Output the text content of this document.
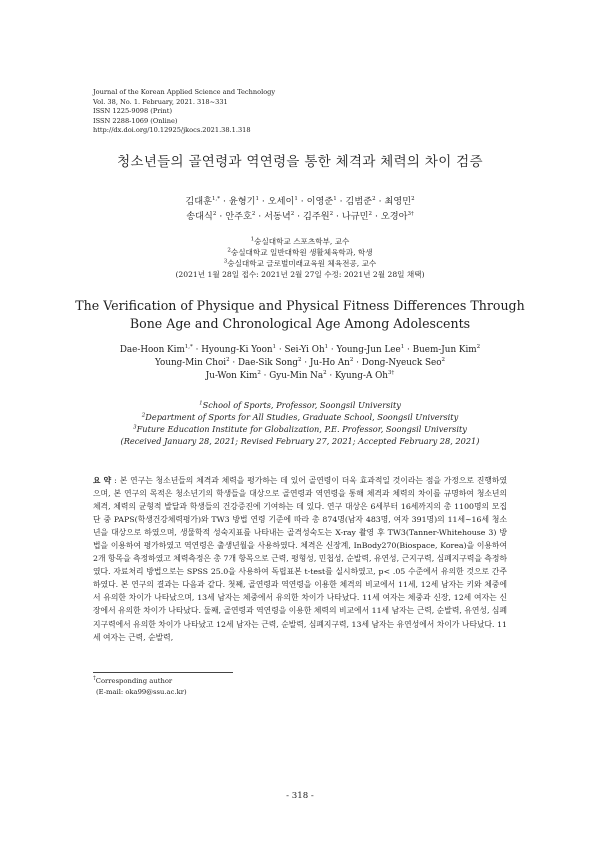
Journal of the Korean Applied Science and Technology
Vol. 38, No. 1. February, 2021. 318~331
ISSN 1225-9098 (Print)
ISSN 2288-1069 (Online)
http://dx.doi.org/10.12925/jkocs.2021.38.1.318
청소년들의 골연령과 역연령을 통한 체격과 체력의 차이 검증
김대훈$^{1,*}$ · 윤형기$^1$ · 오세이$^1$ · 이영준$^1$ · 김범준$^2$ · 최영민$^2$
송대식$^2$ · 안주호$^2$ · 서동녁$^2$ · 김주원$^2$ · 나규민$^2$ · 오경아$^{3\dagger}$
$^1$숭실대학교 스포츠학부, 교수
$^2$숭실대학교 일반대학원 생활체육학과, 학생
$^3$숭실대학교 글로벌미래교육원 체육전공, 교수
(2021년 1월 28일 접수: 2021년 2월 27일 수정: 2021년 2월 28일 채택)
The Verification of Physique and Physical Fitness Differences Through
Bone Age and Chronological Age Among Adolescents
Dae-Hoon Kim$^{1,*}$ · Hyoung-Ki Yoon$^1$ · Sei-Yi $Oh^1$ · Young-Jun Lee$^1$ · Buem-Jun Kim$^2$
Young-Min Choi$^2$ · Dae-Sik Song$^2$ · Ju-Ho $An^2$ · Dong-Nyeuck Seo$^2$
Ju-Won Kim$^2$ · Gyu-Min $Na^2$ · Kyung-A $Oh^{3\dagger}$
$^1$School of Sports, Professor, Soongsil University
$^2$Department of Sports for All Studies, Graduate School, Soongsil University
$^3$Future Education Institute for Globalization, P.E. Professor, Soongsil University
(Received January 28, 2021; Revised February 27, 2021; Accepted February 28, 2021)
요 약 : 본 연구는 청소년들의 체격과 체력을 평가하는 데 있어 골연령이 더욱 효과적일 것이라는 점을 가정으로 진행하였으며, 본 연구의 목적은 청소년기의 학생들을 대상으로 골연령과 역연령을 통해 체격과 체력의 차이를 규명하여 청소년의 체격, 체력의 균형적 발달과 학생들의 건강증진에 기여하는 데 있다. 연구 대상은 6세부터 16세까지의 총 1100명의 모집단 중 PAPS(학생건강체력평가)와 TW3 방법 연령 기준에 따라 총 874명(남자 483명, 여자 391명)의 11세~16세 청소년을 대상으로 하였으며, 생물학적 성숙지표를 나타내는 골격성숙도는 X-ray 촬영 후 TW3(Tanner-Whitehouse 3) 방법을 이용하여 평가하였고 역연령은 출생년월을 사용하였다. 체격은 신장계, InBody270(Biospace, Korea)을 이용하여 2개 항목을 측정하였고 체력측정은 총 7개 항목으로 근력, 평형성, 민첩성, 순발력, 유연성, 근지구력, 심폐지구력을 측정하였다. 자료처리 방법으로는 SPSS 25.0을 사용하여 독립표본 t-test를 실시하였고, p< .05 수준에서 유의한 것으로 간주하였다. 본 연구의 결과는 다음과 같다. 첫째, 골연령과 역연령을 이용한 체격의 비교에서 11세, 12세 남자는 키와 체중에서 유의한 차이가 나타났으며, 13세 남자는 체중에서 유의한 차이가 나타났다. 11세 여자는 체중과 신장, 12세 여자는 신장에서 유의한 차이가 나타났다. 둘째, 골연령과 역연령을 이용한 체력의 비교에서 11세 남자는 근력, 순발력, 유연성, 심폐지구력에서 유의한 차이가 나타났고 12세 남자는 근력, 순발력, 심폐지구력, 13세 남자는 유연성에서 차이가 나타났다. 11세 여자는 근력, 순발력,
†Corresponding author
(E-mail: oka99@ssu.ac.kr)
- 318 -
